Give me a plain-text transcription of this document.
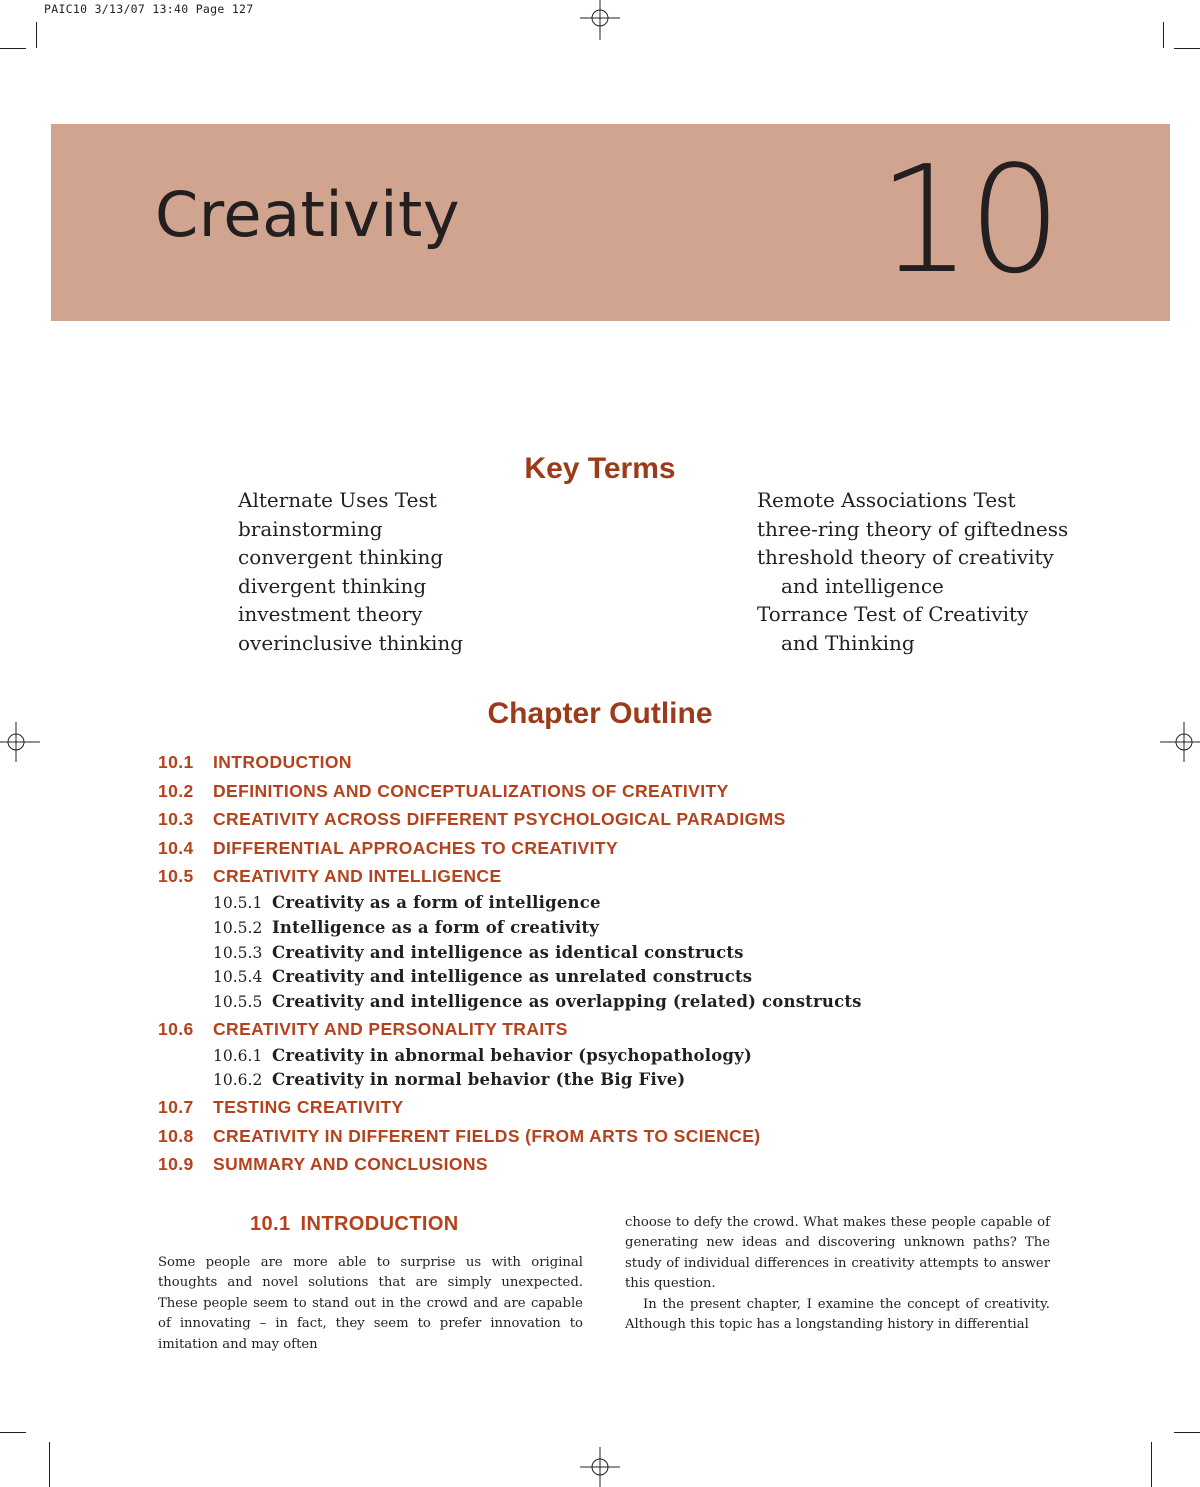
PAIC10 3/13/07 13:40 Page 127
Creativity	10
Key Terms
Alternate Uses Test
brainstorming
convergent thinking
divergent thinking
investment theory
overinclusive thinking
Remote Associations Test
three-ring theory of giftedness
threshold theory of creativity
and intelligence
Torrance Test of Creativity
and Thinking
Chapter Outline
10.1 INTRODUCTION
10.2 DEFINITIONS AND CONCEPTUALIZATIONS OF CREATIVITY
10.3 CREATIVITY ACROSS DIFFERENT PSYCHOLOGICAL PARADIGMS
10.4 DIFFERENTIAL APPROACHES TO CREATIVITY
10.5 CREATIVITY AND INTELLIGENCE
10.5.1 Creativity as a form of intelligence
10.5.2 Intelligence as a form of creativity
10.5.3 Creativity and intelligence as identical constructs
10.5.4 Creativity and intelligence as unrelated constructs
10.5.5 Creativity and intelligence as overlapping (related) constructs
10.6 CREATIVITY AND PERSONALITY TRAITS
10.6.1 Creativity in abnormal behavior (psychopathology)
10.6.2 Creativity in normal behavior (the Big Five)
10.7 TESTING CREATIVITY
10.8 CREATIVITY IN DIFFERENT FIELDS (FROM ARTS TO SCIENCE)
10.9 SUMMARY AND CONCLUSIONS
10.1 INTRODUCTION

Some people are more able to surprise us with original thoughts and novel solutions that are simply unexpected. These people seem to stand out in the crowd and are capable of innovating – in fact, they seem to prefer innovation to imitation and may often

choose to defy the crowd. What makes these people capable of generating new ideas and discovering unknown paths? The study of individual differences in creativity attempts to answer this question.

In the present chapter, I examine the concept of creativity. Although this topic has a longstanding history in differential
